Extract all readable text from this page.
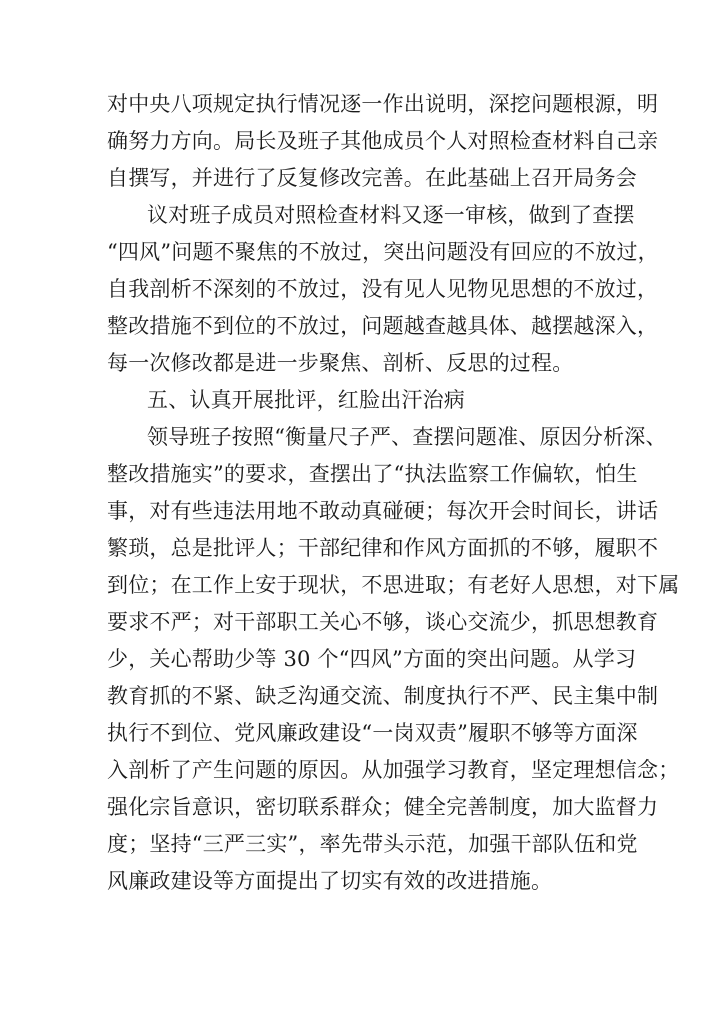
对中央八项规定执行情况逐一作出说明，深挖问题根源，明
确努力方向。局长及班子其他成员个人对照检查材料自己亲
自撰写，并进行了反复修改完善。在此基础上召开局务会
议对班子成员对照检查材料又逐一审核，做到了查摆
“四风”问题不聚焦的不放过，突出问题没有回应的不放过，
自我剖析不深刻的不放过，没有见人见物见思想的不放过，
整改措施不到位的不放过，问题越查越具体、越摆越深入，
每一次修改都是进一步聚焦、剖析、反思的过程。
五、认真开展批评，红脸出汗治病
领导班子按照“衡量尺子严、查摆问题准、原因分析深、
整改措施实”的要求，查摆出了“执法监察工作偏软，怕生
事，对有些违法用地不敢动真碰硬；每次开会时间长，讲话
繁琐，总是批评人；干部纪律和作风方面抓的不够，履职不
到位；在工作上安于现状，不思进取；有老好人思想，对下属
要求不严；对干部职工关心不够，谈心交流少，抓思想教育
少，关心帮助少等 30 个“四风”方面的突出问题。从学习
教育抓的不紧、缺乏沟通交流、制度执行不严、民主集中制
执行不到位、党风廉政建设“一岗双责”履职不够等方面深
入剖析了产生问题的原因。从加强学习教育，坚定理想信念；
强化宗旨意识，密切联系群众；健全完善制度，加大监督力
度；坚持“三严三实”，率先带头示范，加强干部队伍和党
风廉政建设等方面提出了切实有效的改进措施。
